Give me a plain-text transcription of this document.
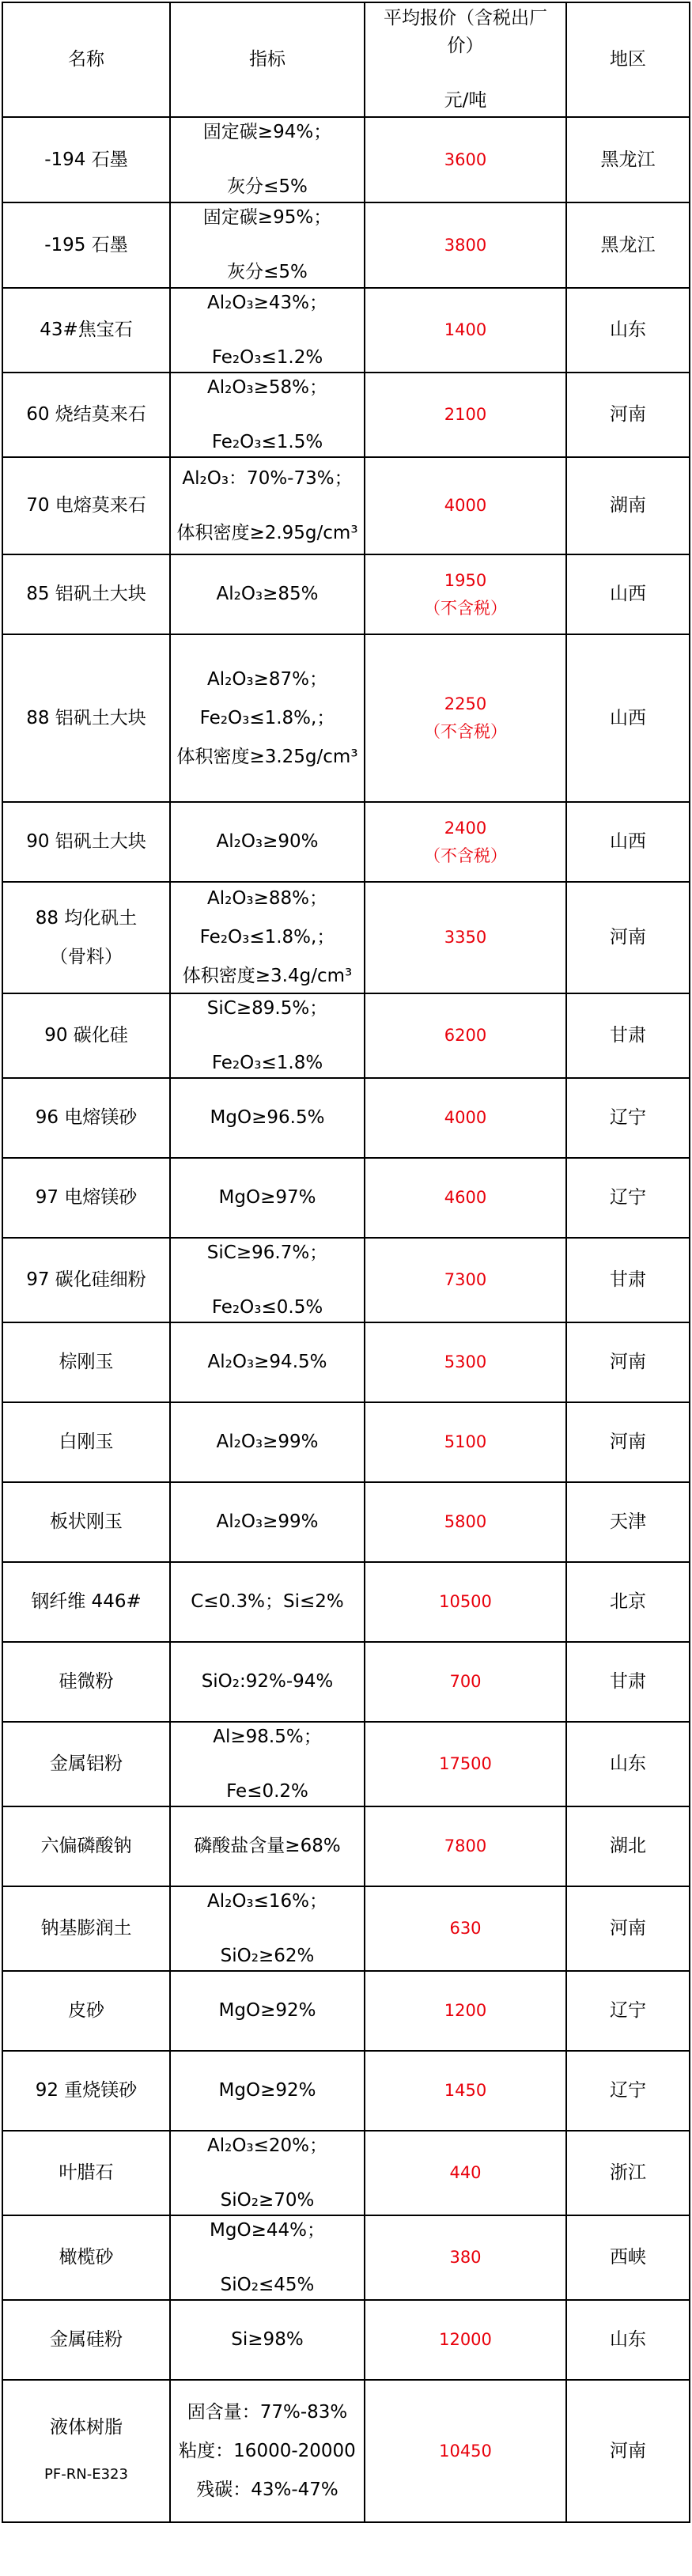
名称	指标	平均报价（含税出厂价）
元/吨	地区

-194 石墨	固定碳≥94%；
灰分≤5%	3600	黑龙江

-195 石墨	固定碳≥95%；
灰分≤5%	3800	黑龙江

43#焦宝石	Al₂O₃≥43%；
Fe₂O₃≤1.2%	1400	山东

60 烧结莫来石	Al₂O₃≥58%；
Fe₂O₃≤1.5%	2100	河南

70 电熔莫来石	Al₂O₃：70%-73%；
体积密度≥2.95g/cm³	4000	湖南

85 铝矾土大块	Al₂O₃≥85%	1950
（不含税）	山西

88 铝矾土大块	Al₂O₃≥87%；
Fe₂O₃≤1.8%,；
体积密度≥3.25g/cm³	2250
（不含税）	山西

90 铝矾土大块	Al₂O₃≥90%	2400
（不含税）	山西

88 均化矾土
（骨料）	Al₂O₃≥88%；
Fe₂O₃≤1.8%,；
体积密度≥3.4g/cm³	3350	河南

90 碳化硅	SiC≥89.5%；
Fe₂O₃≤1.8%	6200	甘肃

96 电熔镁砂	MgO≥96.5%	4000	辽宁

97 电熔镁砂	MgO≥97%	4600	辽宁

97 碳化硅细粉	SiC≥96.7%；
Fe₂O₃≤0.5%	7300	甘肃

棕刚玉	Al₂O₃≥94.5%	5300	河南

白刚玉	Al₂O₃≥99%	5100	河南

板状刚玉	Al₂O₃≥99%	5800	天津

钢纤维 446#	C≤0.3%；Si≤2%	10500	北京

硅微粉	SiO₂:92%-94%	700	甘肃

金属铝粉	Al≥98.5%；
Fe≤0.2%	17500	山东

六偏磷酸钠	磷酸盐含量≥68%	7800	湖北

钠基膨润土	Al₂O₃≤16%；
SiO₂≥62%	630	河南

皮砂	MgO≥92%	1200	辽宁

92 重烧镁砂	MgO≥92%	1450	辽宁

叶腊石	Al₂O₃≤20%；
SiO₂≥70%	440	浙江

橄榄砂	MgO≥44%；
SiO₂≤45%	380	西峡

金属硅粉	Si≥98%	12000	山东

液体树脂
PF-RN-E323	固含量：77%-83%
粘度：16000-20000
残碳：43%-47%	10450	河南
